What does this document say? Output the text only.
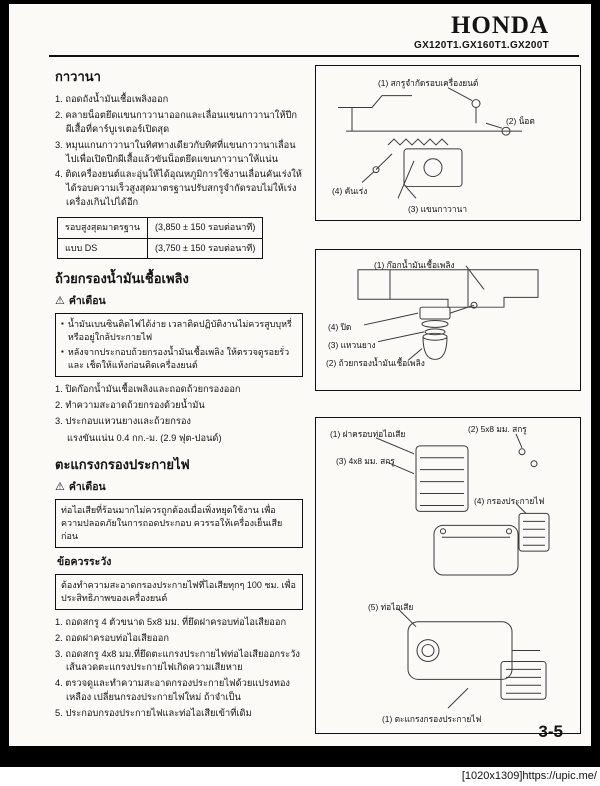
HONDA
GX120T1.GX160T1.GX200T
กาวานา
1. ถอดถังน้ำมันเชื้อเพลิงออก
2. คลายน็อตยึดแขนกาวานาออกและเลื่อนแขนกาวานาให้ปีกผีเสื้อที่คาร์บูเรเตอร์เปิดสุด
3. หมุนแกนกาวานาในทิศทางเดียวกับทิศที่แขนกาวานาเลื่อนไปเพื่อเปิดปีกผีเสื้อแล้วขันน็อตยึดแขนกาวานาให้แน่น
4. ติดเครื่องยนต์และอุ่นให้ได้อุณหภูมิการใช้งานเลื่อนคันเร่งให้ได้รอบความเร็วสูงสุดมาตรฐานปรับสกรูจำกัดรอบไม่ให้เร่งเครื่องเกินไปได้อีก
รอบสูงสุดมาตรฐาน	(3,850 ± 150 รอบต่อนาที)
แบบ DS	(3,750 ± 150 รอบต่อนาที)
ถ้วยกรองน้ำมันเชื้อเพลิง
⚠ คำเตือน
▪ น้ำมันเบนซินติดไฟได้ง่าย เวลาติดปฏิบัติงานไม่ควรสูบบุหรี่ หรืออยู่ใกล้ประกายไฟ
▪ หลังจากประกอบถ้วยกรองน้ำมันเชื้อเพลิง ให้ตรวจดูรอยรั่ว และ เช็ดให้แห้งก่อนติดเครื่องยนต์
1. ปิดก๊อกน้ำมันเชื้อเพลิงและถอดถ้วยกรองออก
2. ทำความสะอาดถ้วยกรองด้วยน้ำมัน
3. ประกอบแหวนยางและถ้วยกรอง
แรงขันแน่น 0.4 กก.-ม. (2.9 ฟุต-ปอนด์)
ตะแกรงกรองประกายไฟ
⚠ คำเตือน
ท่อไอเสียที่ร้อนมากไม่ควรถูกต้องเมื่อเพิ่งหยุดใช้งาน เพื่อความปลอดภัยในการถอดประกอบ ควรรอให้เครื่องเย็นเสียก่อน
ข้อควรระวัง
ต้องทำความสะอาดกรองประกายไฟที่ไอเสียทุกๆ 100 ชม. เพื่อประสิทธิภาพของเครื่องยนต์
1. ถอดสกรู 4 ตัวขนาด 5x8 มม. ที่ยึดฝาครอบท่อไอเสียออก
2. ถอดฝาครอบท่อไอเสียออก
3. ถอดสกรู 4x8 มม.ที่ยึดตะแกรงประกายไฟท่อไอเสียออกระวัง เส้นลวดตะแกรงประกายไฟเกิดความเสียหาย
4. ตรวจดูและทำความสะอาดกรองประกายไฟด้วยแปรงทองเหลือง เปลี่ยนกรองประกายไฟใหม่ ถ้าจำเป็น
5. ประกอบกรองประกายไฟและท่อไอเสียเข้าที่เดิม
(1) สกรูจำกัดรอบเครื่องยนต์
(2) น็อต
(4) คันเร่ง
(3) แขนกาวานา
(1) ก๊อกน้ำมันเชื้อเพลิง
(4) ปิด
(3) แหวนยาง
(2) ถ้วยกรองน้ำมันเชื้อเพลิง
(1) ฝาครอบท่อไอเสีย	(2) 5x8 มม. สกรู
(3) 4x8 มม. สกรู
(4) กรองประกายไฟ
(5) ท่อไอเสีย
(1) ตะแกรงกรองประกายไฟ
3-5
[1020x1309]https://upic.me/
